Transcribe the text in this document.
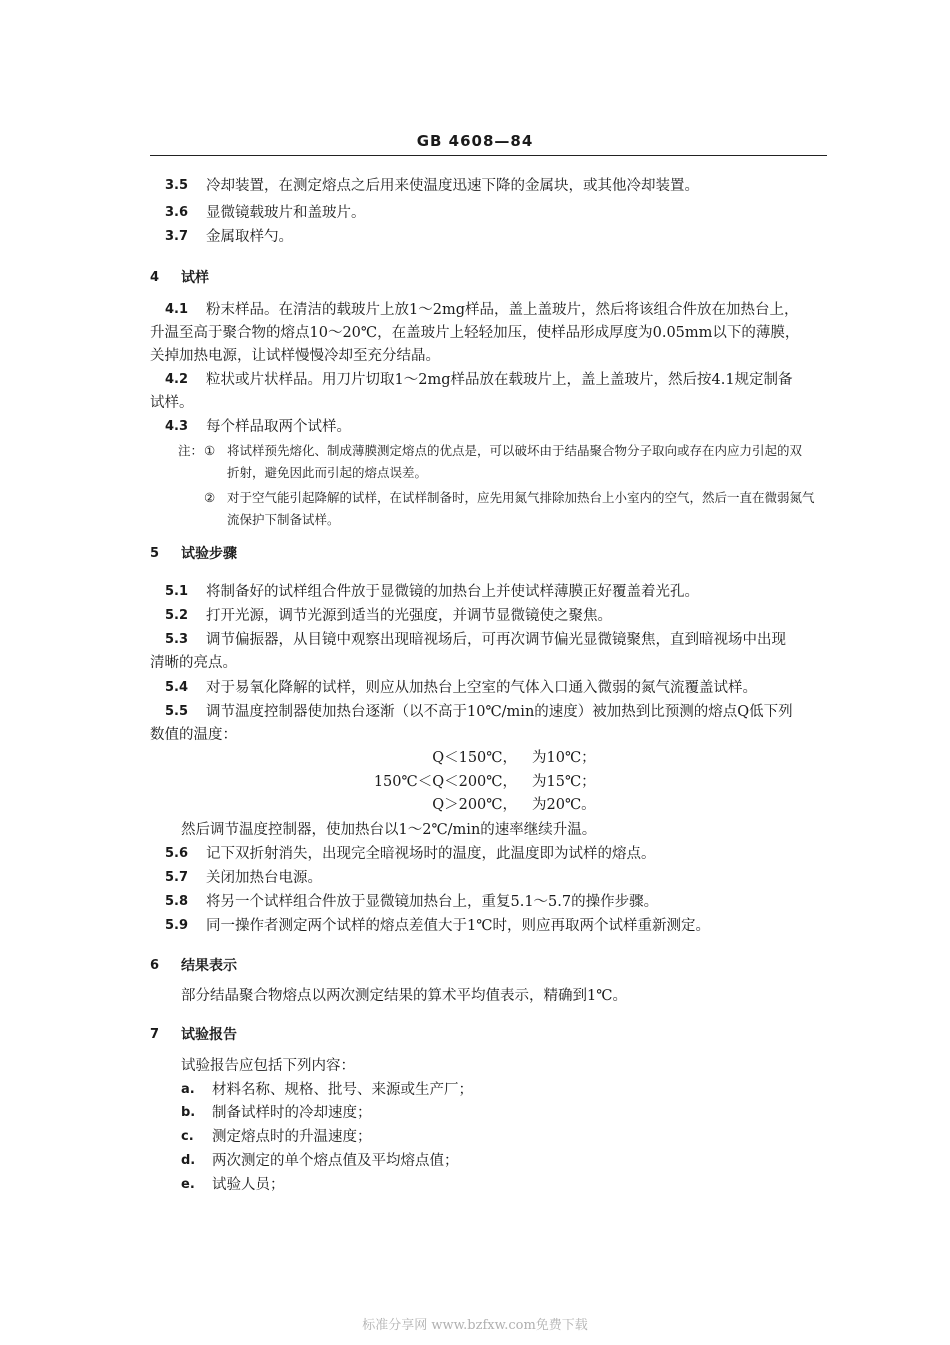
GB 4608—84
3.5 冷却装置，在测定熔点之后用来使温度迅速下降的金属块，或其他冷却装置。
3.6 显微镜载玻片和盖玻片。
3.7 金属取样勺。
4 试样
4.1 粉末样品。在清洁的载玻片上放1～2mg样品，盖上盖玻片，然后将该组合件放在加热台上，
升温至高于聚合物的熔点10～20℃，在盖玻片上轻轻加压，使样品形成厚度为0.05mm以下的薄膜，
关掉加热电源，让试样慢慢冷却至充分结晶。
4.2 粒状或片状样品。用刀片切取1～2mg样品放在载玻片上，盖上盖玻片，然后按4.1规定制备
试样。
4.3 每个样品取两个试样。
注： ① 将试样预先熔化、制成薄膜测定熔点的优点是，可以破坏由于结晶聚合物分子取向或存在内应力引起的双
折射，避免因此而引起的熔点误差。
② 对于空气能引起降解的试样，在试样制备时，应先用氮气排除加热台上小室内的空气，然后一直在微弱氮气
流保护下制备试样。
5 试验步骤
5.1 将制备好的试样组合件放于显微镜的加热台上并使试样薄膜正好覆盖着光孔。
5.2 打开光源，调节光源到适当的光强度，并调节显微镜使之聚焦。
5.3 调节偏振器，从目镜中观察出现暗视场后，可再次调节偏光显微镜聚焦，直到暗视场中出现
清晰的亮点。
5.4 对于易氧化降解的试样，则应从加热台上空室的气体入口通入微弱的氮气流覆盖试样。
5.5 调节温度控制器使加热台逐渐（以不高于10℃/min的速度）被加热到比预测的熔点Q低下列
数值的温度：
Q＜150℃， 为10℃；
150℃＜Q＜200℃， 为15℃；
Q＞200℃， 为20℃。
然后调节温度控制器，使加热台以1～2℃/min的速率继续升温。
5.6 记下双折射消失，出现完全暗视场时的温度，此温度即为试样的熔点。
5.7 关闭加热台电源。
5.8 将另一个试样组合件放于显微镜加热台上，重复5.1～5.7的操作步骤。
5.9 同一操作者测定两个试样的熔点差值大于1℃时，则应再取两个试样重新测定。
6 结果表示
部分结晶聚合物熔点以两次测定结果的算术平均值表示，精确到1℃。
7 试验报告
试验报告应包括下列内容：
a. 材料名称、规格、批号、来源或生产厂；
b. 制备试样时的冷却速度；
c. 测定熔点时的升温速度；
d. 两次测定的单个熔点值及平均熔点值；
e. 试验人员；
标准分享网 www.bzfxw.com免费下载
